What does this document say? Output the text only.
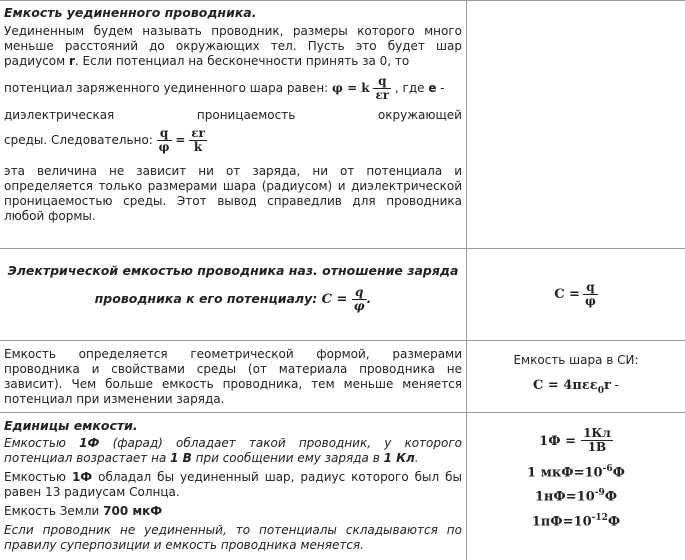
Емкость уединенного проводника.

Уединенным будем называть проводник, размеры которого много меньше расстояний до окружающих тел. Пусть это будет шар радиусом r. Если потенциал на бесконечности принять за 0, то

потенциал заряженного уединенного шара равен: φ = k $\frac{q}{\varepsilon r}$ , где е -

диэлектрическая	проницаемость	окружающей

среды. Следовательно: $\frac{q}{\varphi} = \frac{\varepsilon r}{k}$

эта величина не зависит ни от заряда, ни от потенциала и определяется только размерами шара (радиусом) и диэлектрической проницаемостью среды. Этот вывод справедлив для проводника любой формы.

Электрической емкостью проводника наз. отношение заряда
проводника к его потенциалу: $C = \frac{q}{\varphi}$ .	$C = \frac{q}{\varphi}$

Емкость определяется геометрической формой, размерами проводника и свойствами среды (от материала проводника не зависит). Чем больше емкость проводника, тем меньше меняется потенциал при изменении заряда.

Емкость шара в СИ:
C = 4πεε$_0$r -
Единицы емкости.

Емкостью 1Ф (фарад) обладает такой проводник, у которого потенциал возрастает на 1 В при сообщении ему заряда в 1 Кл.

Емкостью 1Ф обладал бы уединенный шар, радиус которого был бы равен 13 радиусам Солнца.

Емкость Земли 700 мкФ

Если проводник не уединенный, то потенциалы складываются по правилу суперпозиции и емкость проводника меняется.

$1Ф = \frac{1Кл}{1В}$
1 $мкФ=10^{-6}Ф$
$1нФ=10^{-9}Ф$
$1пФ=10^{-12}Ф$
